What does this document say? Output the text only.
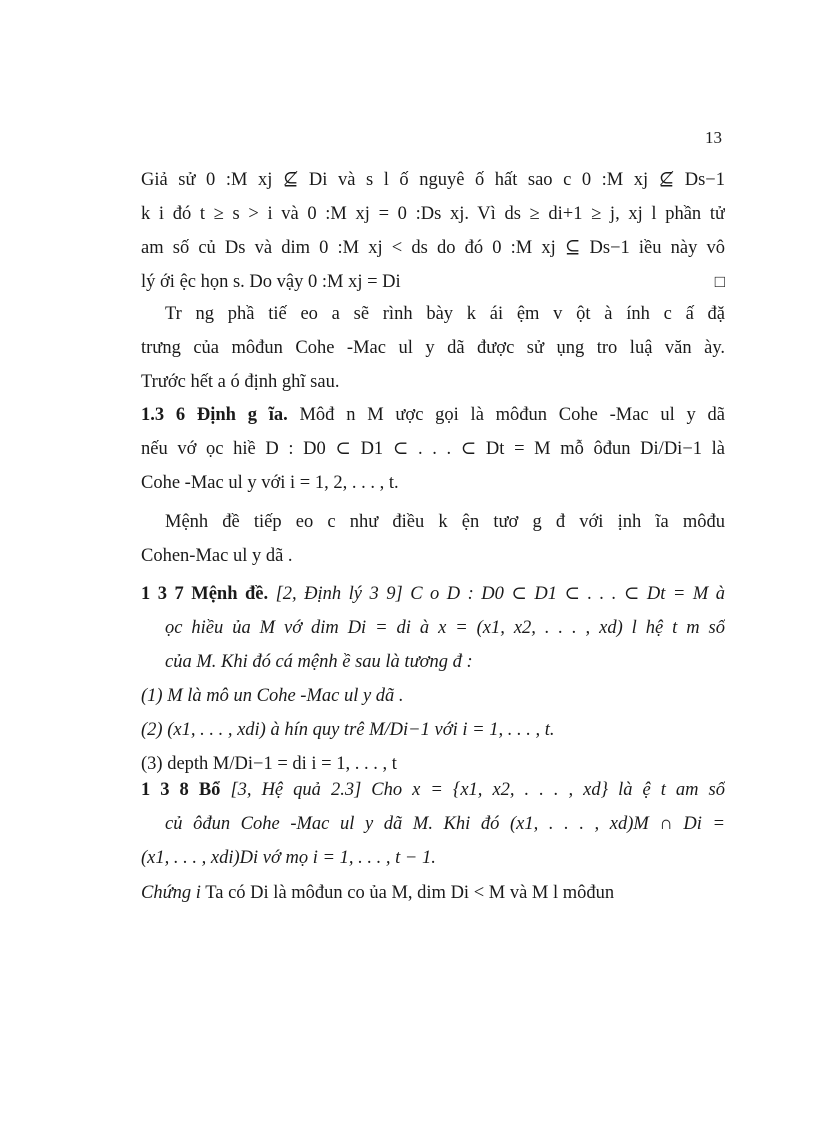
13
Giả sử 0 :M xj ⊈ Di và s l ố nguyê ố hất sao c 0 :M xj ⊈ Ds−1
k i đó t ≥ s > i và 0 :M xj = 0 :Ds xj. Vì ds ≥ di+1 ≥ j, xj l phần tử
am số củ Ds và dim 0 :M xj < ds do đó 0 :M xj ⊆ Ds−1 iều này vô
lý ới ệc họn s. Do vậy 0 :M xj = Di	□
Tr ng phầ tiế eo a sẽ rình bày k ái ệm v ột à ính c ấ đặ
trưng của môđun Cohe -Mac ul y dã được sử ụng tro luậ văn ày.
Trước hết a ó định ghĩ sau.
1.3 6 Định g ĩa. Môđ n M ược gọi là môđun Cohe -Mac ul y dã
nếu vớ ọc hiề D : D0 ⊂ D1 ⊂ . . . ⊂ Dt = M mỗ ôđun Di/Di−1 là
Cohe -Mac ul y với i = 1, 2, . . . , t.
Mệnh đề tiếp eo c như điều k ện tươ g đ với ịnh ĩa môđu
Cohen-Mac ul y dã .
1 3 7 Mệnh đề. [2, Định lý 3 9] C o D : D0 ⊂ D1 ⊂ . . . ⊂ Dt = M à
ọc hiều ủa M vớ dim Di = di à x = (x1, x2, . . . , xd) l hệ t m số
của M. Khi đó cá mệnh ề sau là tương đ :
(1) M là mô un Cohe -Mac ul y dã .
(2) (x1, . . . , xdi) à hín quy trê M/Di−1 với i = 1, . . . , t.
(3) depth M/Di−1 = di i = 1, . . . , t
1 3 8 Bổ [3, Hệ quả 2.3] Cho x = {x1, x2, . . . , xd} là ệ t am số
củ ôđun Cohe -Mac ul y dã M. Khi đó (x1, . . . , xd)M ∩ Di =
(x1, . . . , xdi)Di vớ mọ i = 1, . . . , t − 1.
Chứng i Ta có Di là môđun co ủa M, dim Di < M và M l môđun
